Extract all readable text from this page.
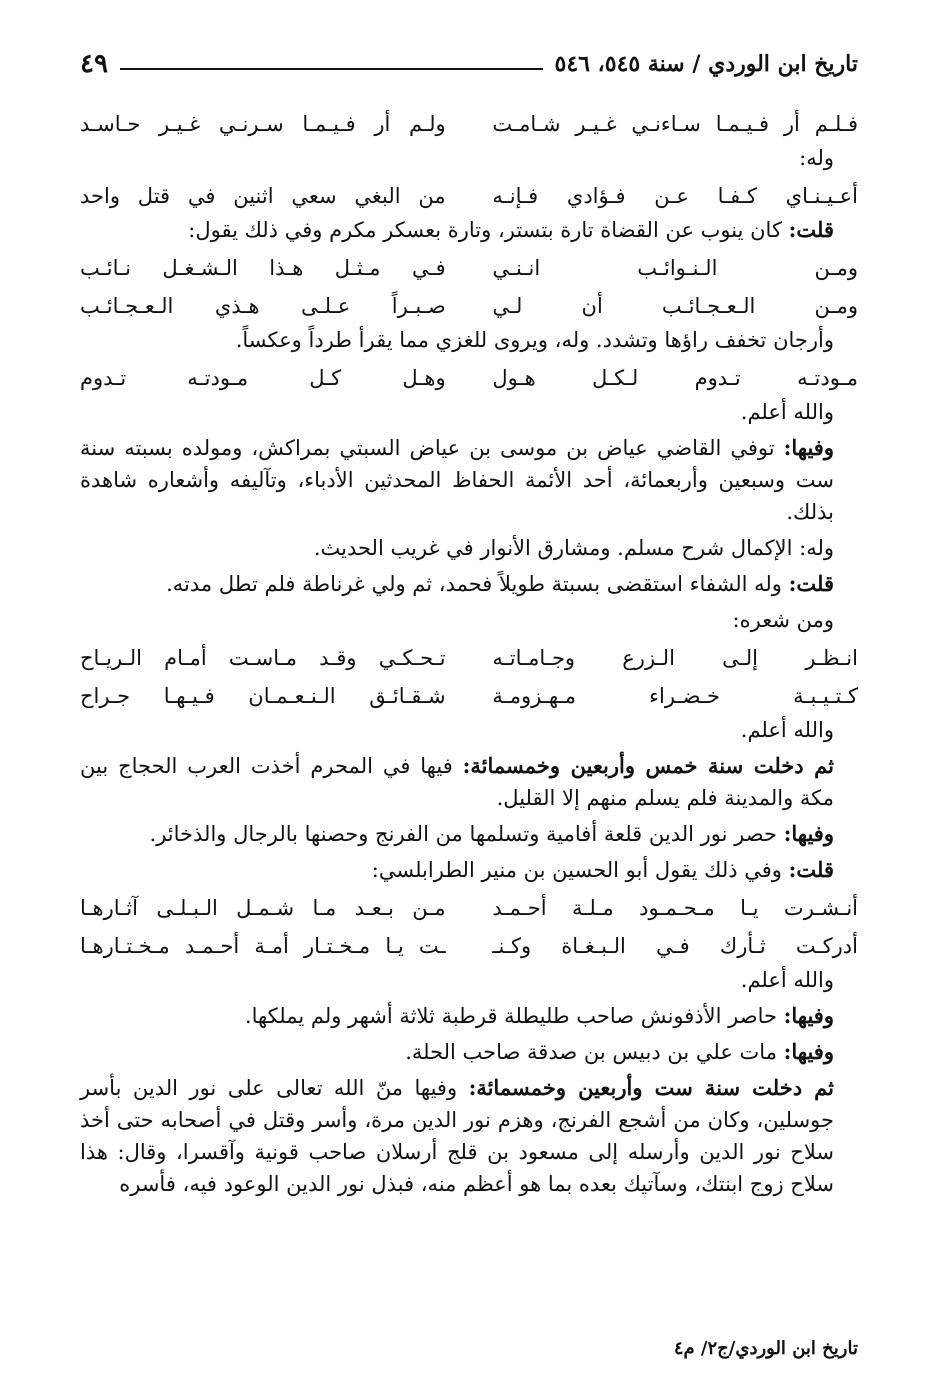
تاريخ ابن الوردي / سنة ٥٤٥، ٥٤٦
٤٩
فـلـم أر فـيـمـا سـاءنـي غـيـر شـامـت
ولـم أر فـيـمـا سـرنـي غـيـر حـاسـد
وله:
أعـيـنـاي كـفـا عـن فـؤادي فـإنـه
من البغي سعي اثنين في قتل واحد
قلت: كان ينوب عن القضاة تارة بتستر، وتارة بعسكر مكرم وفي ذلك يقول:
ومـن الـنـوائـب انـنـي
فـي مـثـل هـذا الـشـغـل نـائـب
ومـن الـعـجـائـب أن لـي
صـبـراً عـلـى هـذي الـعـجـائـب
وأرجان تخفف راؤها وتشدد. وله، ويروى للغزي مما يقرأ طرداً وعكساً.
مـودتـه تـدوم لـكـل هـول
وهـل كـل مـودتـه تـدوم
والله أعلم.
وفيها: توفي القاضي عياض بن موسى بن عياض السبتي بمراكش، ومولده بسبته سنة ست وسبعين وأربعمائة، أحد الأئمة الحفاظ المحدثين الأدباء، وتآليفه وأشعاره شاهدة بذلك.
وله: الإكمال شرح مسلم. ومشارق الأنوار في غريب الحديث.
قلت: وله الشفاء استقضى بسبتة طويلاً فحمد، ثم ولي غرناطة فلم تطل مدته.
ومن شعره:
انـظـر إلـى الـزرع وجـامـاتـه
تـحـكـي وقـد مـاسـت أمـام الـريـاح
كـتـيـبـة خـضـراء مـهـزومـة
شـقـائـق الـنـعـمـان فـيـهـا جـراح
والله أعلم.
ثم دخلت سنة خمس وأربعين وخمسمائة: فيها في المحرم أخذت العرب الحجاج بين مكة والمدينة فلم يسلم منهم إلا القليل.
وفيها: حصر نور الدين قلعة أفامية وتسلمها من الفرنج وحصنها بالرجال والذخائر.
قلت: وفي ذلك يقول أبو الحسين بن منير الطرابلسي:
أنـشـرت يـا مـحـمـود مـلـة أحـمـد
مـن بـعـد مـا شـمـل الـبـلـى آثـارهـا
أدركـت ثـأرك فـي الـبـغـاة وكـنـ
ـت يـا مـخـتـار أمـة أحـمـد مـخـتـارهـا
والله أعلم.
وفيها: حاصر الأذفونش صاحب طليطلة قرطبة ثلاثة أشهر ولم يملكها.
وفيها: مات علي بن دبيس بن صدقة صاحب الحلة.
ثم دخلت سنة ست وأربعين وخمسمائة: وفيها منّ الله تعالى على نور الدين بأسر جوسلين، وكان من أشجع الفرنج، وهزم نور الدين مرة، وأسر وقتل في أصحابه حتى أخذ سلاح نور الدين وأرسله إلى مسعود بن قلج أرسلان صاحب قونية وآقسرا، وقال: هذا سلاح زوج ابنتك، وسآتيك بعده بما هو أعظم منه، فبذل نور الدين الوعود فيه، فأسره
تاريخ ابن الوردي/ج٢/ م٤
